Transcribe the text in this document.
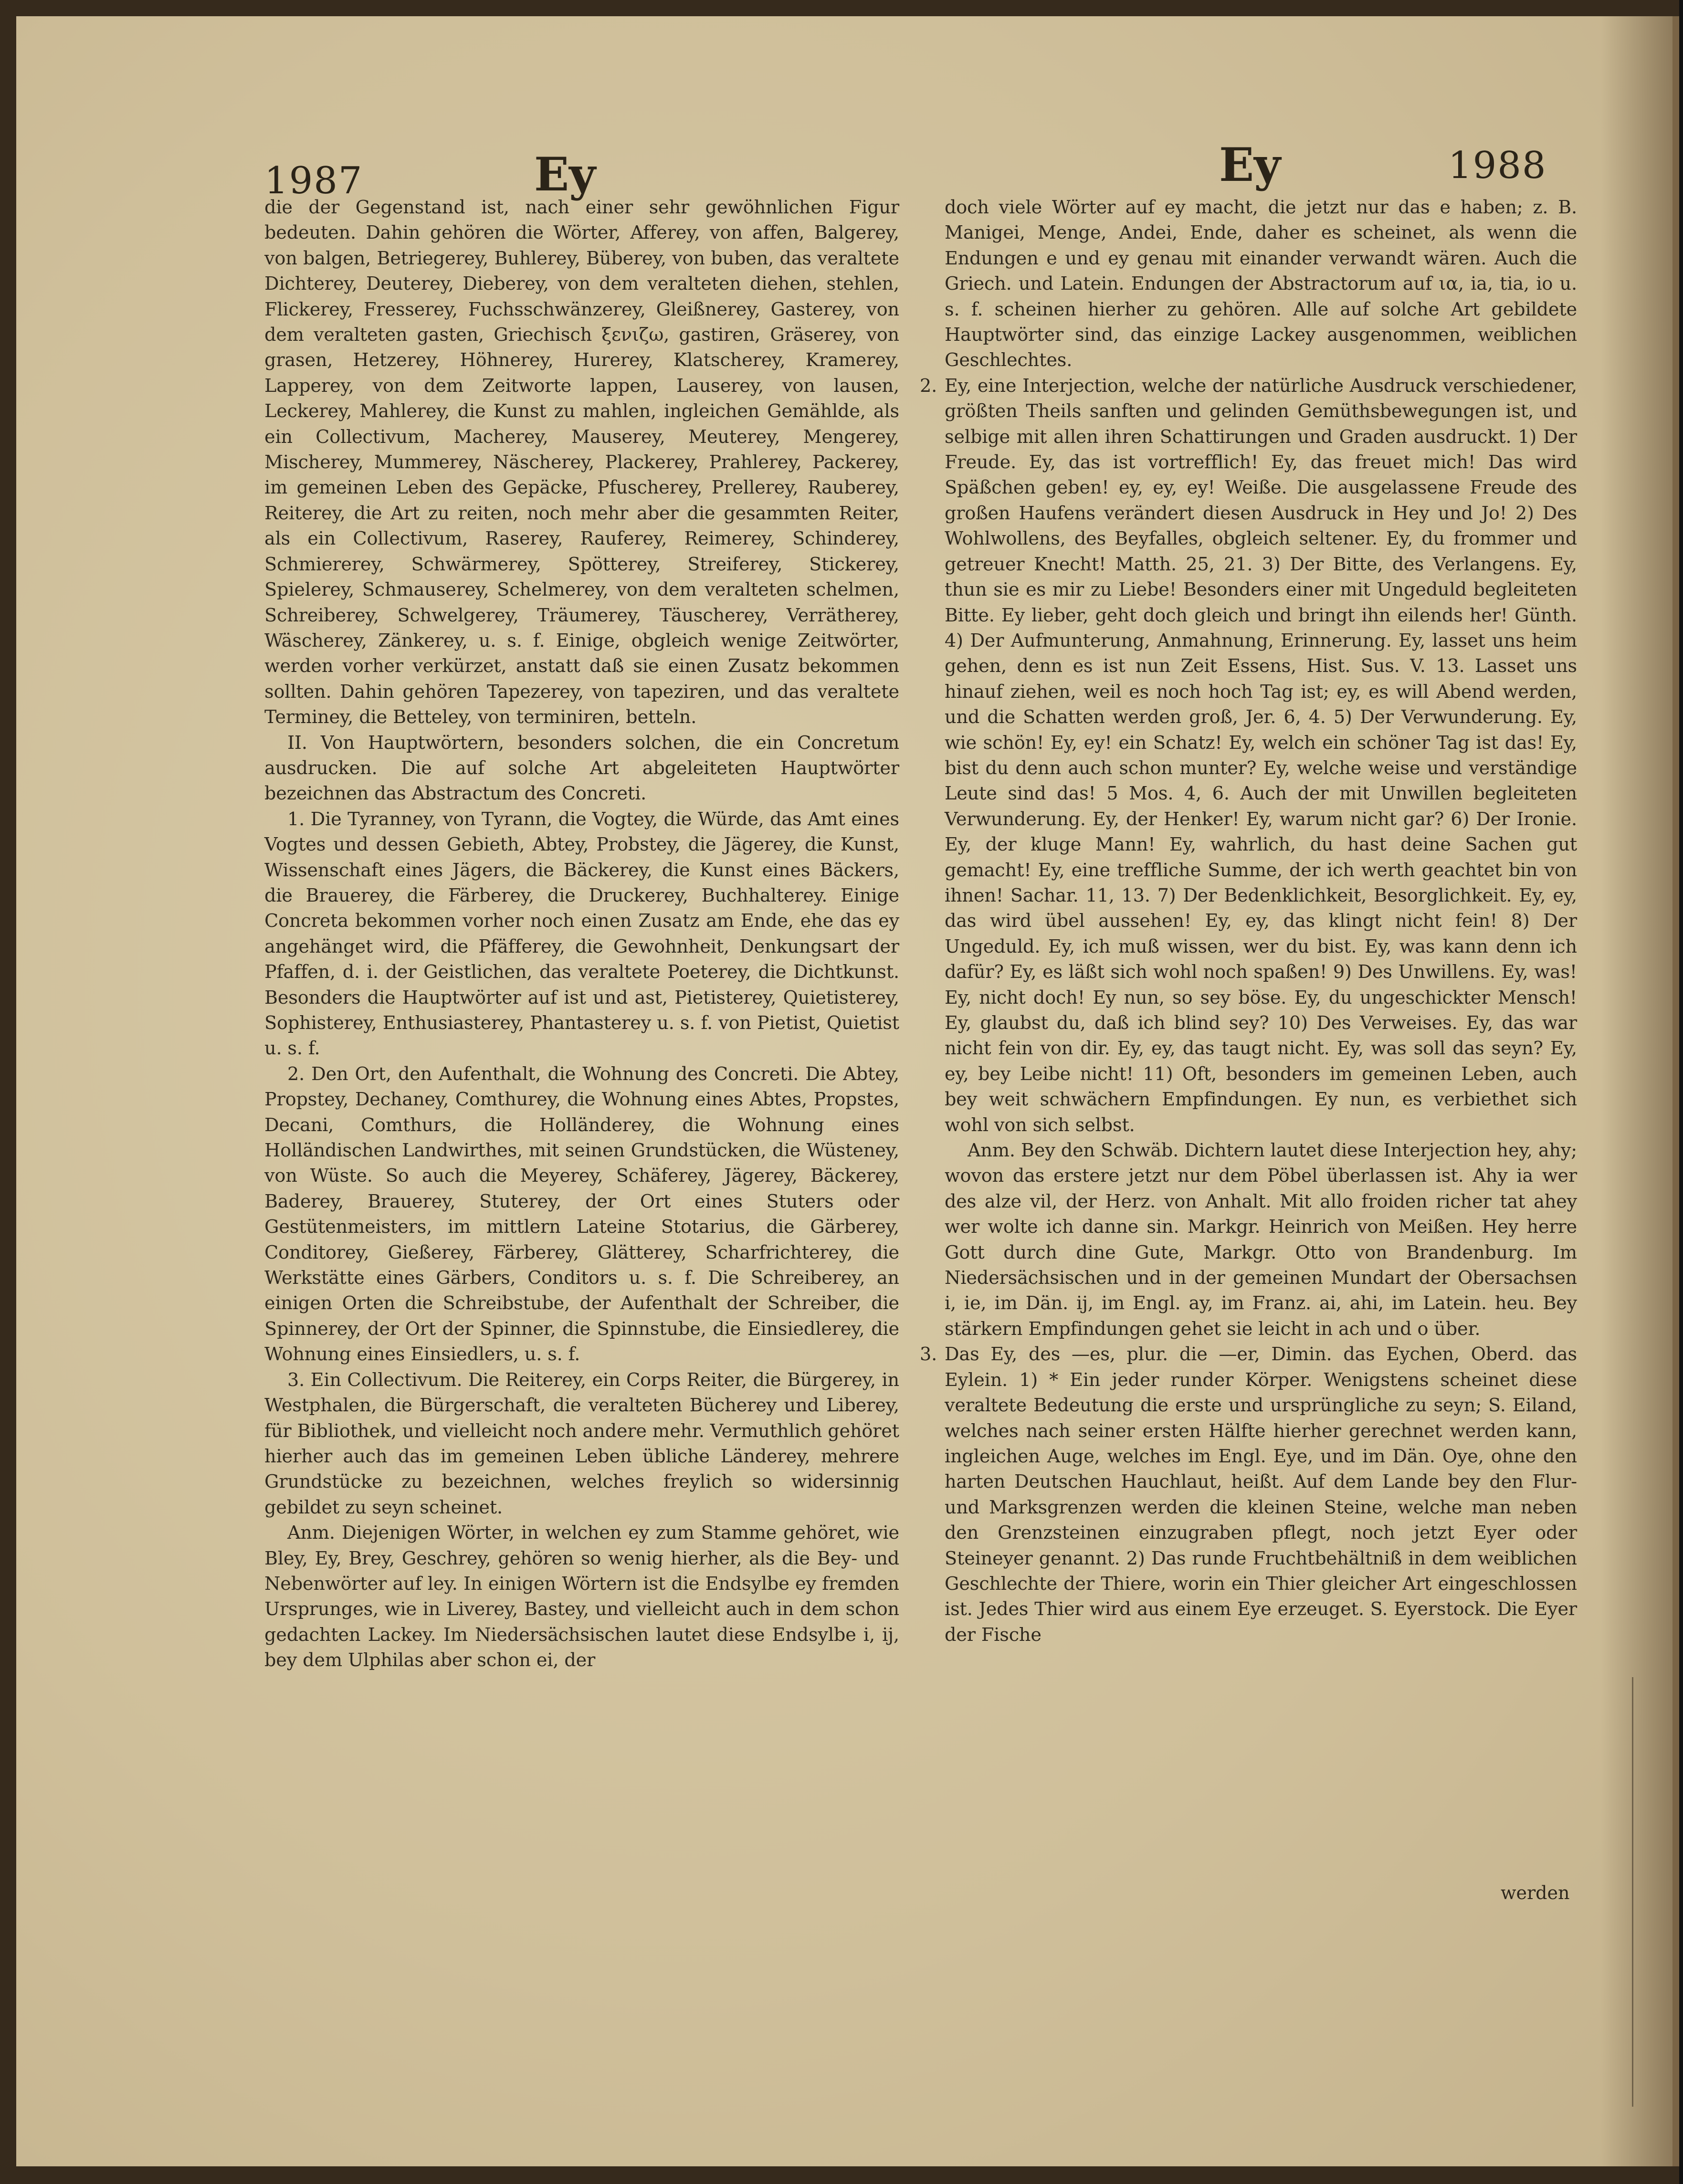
1987	Ey	Ey	1988

die der Gegenstand ist, nach einer sehr gewöhnlichen Figur bedeuten. Dahin gehören die Wörter, Afferey, von affen, Balgerey, von balgen, Betriegerey, Buhlerey, Büberey, von buben, das veraltete Dichterey, Deuterey, Dieberey, von dem veralteten diehen, stehlen, Flickerey, Fresserey, Fuchsschwänzerey, Gleißnerey, Gasterey, von dem veralteten gasten, Griechisch ξενιζω, gastiren, Gräserey, von grasen, Hetzerey, Höhnerey, Hurerey, Klatscherey, Kramerey, Lapperey, von dem Zeitworte lappen, Lauserey, von lausen, Leckerey, Mahlerey, die Kunst zu mahlen, ingleichen Gemählde, als ein Collectivum, Macherey, Mauserey, Meuterey, Mengerey, Mischerey, Mummerey, Näscherey, Plackerey, Prahlerey, Packerey, im gemeinen Leben des Gepäcke, Pfuscherey, Prellerey, Rauberey, Reiterey, die Art zu reiten, noch mehr aber die gesammten Reiter, als ein Collectivum, Raserey, Rauferey, Reimerey, Schinderey, Schmiererey, Schwärmerey, Spötterey, Streiferey, Stickerey, Spielerey, Schmauserey, Schelmerey, von dem veralteten schelmen, Schreiberey, Schwelgerey, Träumerey, Täuscherey, Verrätherey, Wäscherey, Zänkerey, u. s. f. Einige, obgleich wenige Zeitwörter, werden vorher verkürzet, anstatt daß sie einen Zusatz bekommen sollten. Dahin gehören Tapezerey, von tapeziren, und das veraltete Terminey, die Betteley, von terminiren, betteln.

II. Von Hauptwörtern, besonders solchen, die ein Concretum ausdrucken. Die auf solche Art abgeleiteten Hauptwörter bezeichnen das Abstractum des Concreti.

1. Die Tyranney, von Tyrann, die Vogtey, die Würde, das Amt eines Vogtes und dessen Gebieth, Abtey, Probstey, die Jägerey, die Kunst, Wissenschaft eines Jägers, die Bäckerey, die Kunst eines Bäckers, die Brauerey, die Färberey, die Druckerey, Buchhalterey. Einige Concreta bekommen vorher noch einen Zusatz am Ende, ehe das ey angehänget wird, die Pfäfferey, die Gewohnheit, Denkungsart der Pfaffen, d. i. der Geistlichen, das veraltete Poeterey, die Dichtkunst. Besonders die Hauptwörter auf ist und ast, Pietisterey, Quietisterey, Sophisterey, Enthusiasterey, Phantasterey u. s. f. von Pietist, Quietist u. s. f.

2. Den Ort, den Aufenthalt, die Wohnung des Concreti. Die Abtey, Propstey, Dechaney, Comthurey, die Wohnung eines Abtes, Propstes, Decani, Comthurs, die Holländerey, die Wohnung eines Holländischen Landwirthes, mit seinen Grundstücken, die Wüsteney, von Wüste. So auch die Meyerey, Schäferey, Jägerey, Bäckerey, Baderey, Brauerey, Stuterey, der Ort eines Stuters oder Gestütenmeisters, im mittlern Lateine Stotarius, die Gärberey, Conditorey, Gießerey, Färberey, Glätterey, Scharfrichterey, die Werkstätte eines Gärbers, Conditors u. s. f. Die Schreiberey, an einigen Orten die Schreibstube, der Aufenthalt der Schreiber, die Spinnerey, der Ort der Spinner, die Spinnstube, die Einsiedlerey, die Wohnung eines Einsiedlers, u. s. f.

3. Ein Collectivum. Die Reiterey, ein Corps Reiter, die Bürgerey, in Westphalen, die Bürgerschaft, die veralteten Bücherey und Liberey, für Bibliothek, und vielleicht noch andere mehr. Vermuthlich gehöret hierher auch das im gemeinen Leben übliche Länderey, mehrere Grundstücke zu bezeichnen, welches freylich so widersinnig gebildet zu seyn scheinet.

Anm. Diejenigen Wörter, in welchen ey zum Stamme gehöret, wie Bley, Ey, Brey, Geschrey, gehören so wenig hierher, als die Bey- und Nebenwörter auf ley. In einigen Wörtern ist die Endsylbe ey fremden Ursprunges, wie in Liverey, Bastey, und vielleicht auch in dem schon gedachten Lackey. Im Niedersächsischen lautet diese Endsylbe i, ij, bey dem Ulphilas aber schon ei, der

doch viele Wörter auf ey macht, die jetzt nur das e haben; z. B. Manigei, Menge, Andei, Ende, daher es scheinet, als wenn die Endungen e und ey genau mit einander verwandt wären. Auch die Griech. und Latein. Endungen der Abstractorum auf ια, ia, tia, io u. s. f. scheinen hierher zu gehören. Alle auf solche Art gebildete Hauptwörter sind, das einzige Lackey ausgenommen, weiblichen Geschlechtes.

2. Ey, eine Interjection, welche der natürliche Ausdruck verschiedener, größten Theils sanften und gelinden Gemüthsbewegungen ist, und selbige mit allen ihren Schattirungen und Graden ausdruckt. 1) Der Freude. Ey, das ist vortrefflich! Ey, das freuet mich! Das wird Späßchen geben! ey, ey, ey! Weiße. Die ausgelassene Freude des großen Haufens verändert diesen Ausdruck in Hey und Jo! 2) Des Wohlwollens, des Beyfalles, obgleich seltener. Ey, du frommer und getreuer Knecht! Matth. 25, 21. 3) Der Bitte, des Verlangens. Ey, thun sie es mir zu Liebe! Besonders einer mit Ungeduld begleiteten Bitte. Ey lieber, geht doch gleich und bringt ihn eilends her! Günth. 4) Der Aufmunterung, Anmahnung, Erinnerung. Ey, lasset uns heim gehen, denn es ist nun Zeit Essens, Hist. Sus. V. 13. Lasset uns hinauf ziehen, weil es noch hoch Tag ist; ey, es will Abend werden, und die Schatten werden groß, Jer. 6, 4. 5) Der Verwunderung. Ey, wie schön! Ey, ey! ein Schatz! Ey, welch ein schöner Tag ist das! Ey, bist du denn auch schon munter? Ey, welche weise und verständige Leute sind das! 5 Mos. 4, 6. Auch der mit Unwillen begleiteten Verwunderung. Ey, der Henker! Ey, warum nicht gar? 6) Der Ironie. Ey, der kluge Mann! Ey, wahrlich, du hast deine Sachen gut gemacht! Ey, eine treffliche Summe, der ich werth geachtet bin von ihnen! Sachar. 11, 13. 7) Der Bedenklichkeit, Besorglichkeit. Ey, ey, das wird übel aussehen! Ey, ey, das klingt nicht fein! 8) Der Ungeduld. Ey, ich muß wissen, wer du bist. Ey, was kann denn ich dafür? Ey, es läßt sich wohl noch spaßen! 9) Des Unwillens. Ey, was! Ey, nicht doch! Ey nun, so sey böse. Ey, du ungeschickter Mensch! Ey, glaubst du, daß ich blind sey? 10) Des Verweises. Ey, das war nicht fein von dir. Ey, ey, das taugt nicht. Ey, was soll das seyn? Ey, ey, bey Leibe nicht! 11) Oft, besonders im gemeinen Leben, auch bey weit schwächern Empfindungen. Ey nun, es verbiethet sich wohl von sich selbst.

Anm. Bey den Schwäb. Dichtern lautet diese Interjection hey, ahy; wovon das erstere jetzt nur dem Pöbel überlassen ist. Ahy ia wer des alze vil, der Herz. von Anhalt. Mit allo froiden richer tat ahey wer wolte ich danne sin. Markgr. Heinrich von Meißen. Hey herre Gott durch dine Gute, Markgr. Otto von Brandenburg. Im Niedersächsischen und in der gemeinen Mundart der Obersachsen i, ie, im Dän. ij, im Engl. ay, im Franz. ai, ahi, im Latein. heu. Bey stärkern Empfindungen gehet sie leicht in ach und o über.

3. Das Ey, des —es, plur. die —er, Dimin. das Eychen, Oberd. das Eylein. 1) * Ein jeder runder Körper. Wenigstens scheinet diese veraltete Bedeutung die erste und ursprüngliche zu seyn; S. Eiland, welches nach seiner ersten Hälfte hierher gerechnet werden kann, ingleichen Auge, welches im Engl. Eye, und im Dän. Oye, ohne den harten Deutschen Hauchlaut, heißt. Auf dem Lande bey den Flur- und Marksgrenzen werden die kleinen Steine, welche man neben den Grenzsteinen einzugraben pflegt, noch jetzt Eyer oder Steineyer genannt. 2) Das runde Fruchtbehältniß in dem weiblichen Geschlechte der Thiere, worin ein Thier gleicher Art eingeschlossen ist. Jedes Thier wird aus einem Eye erzeuget. S. Eyerstock. Die Eyer der Fische

werden
